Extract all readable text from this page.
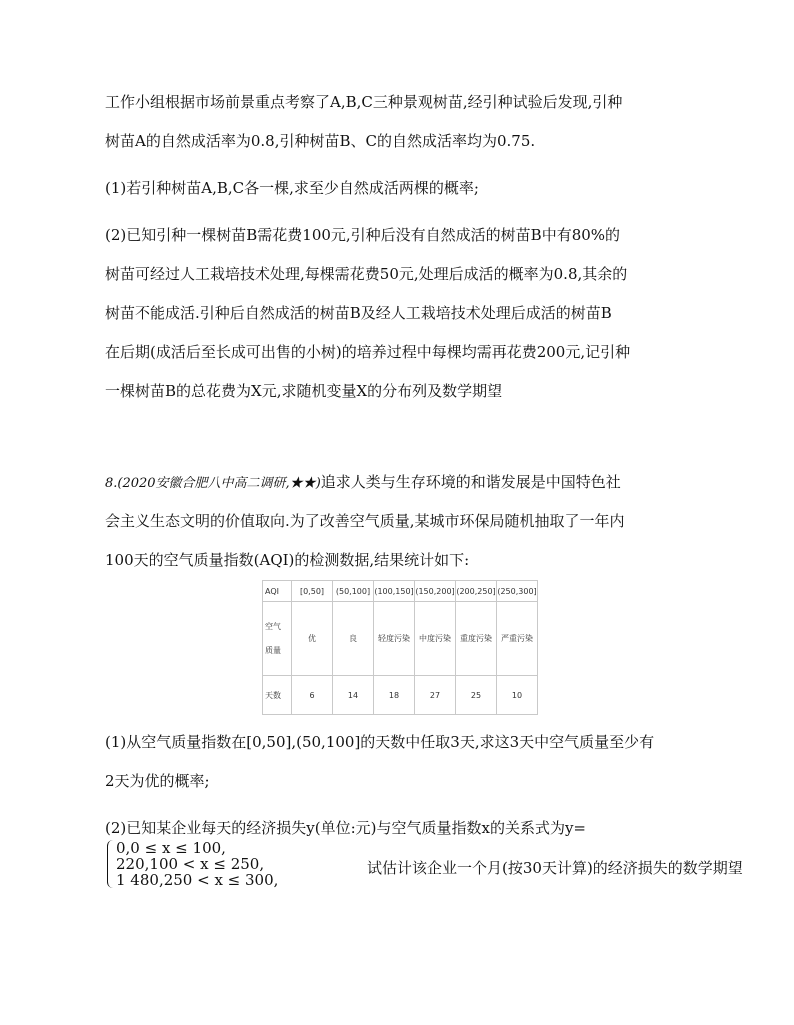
工作小组根据市场前景重点考察了A,B,C三种景观树苗,经引种试验后发现,引种
树苗A的自然成活率为0.8,引种树苗B、C的自然成活率均为0.75.
(1)若引种树苗A,B,C各一棵,求至少自然成活两棵的概率;
(2)已知引种一棵树苗B需花费100元,引种后没有自然成活的树苗B中有80%的
树苗可经过人工栽培技术处理,每棵需花费50元,处理后成活的概率为0.8,其余的
树苗不能成活.引种后自然成活的树苗B及经人工栽培技术处理后成活的树苗B
在后期(成活后至长成可出售的小树)的培养过程中每棵均需再花费200元,记引种
一棵树苗B的总花费为X元,求随机变量X的分布列及数学期望
8.(2020安徽合肥八中高二调研,★★)追求人类与生存环境的和谐发展是中国特色社
会主义生态文明的价值取向.为了改善空气质量,某城市环保局随机抽取了一年内
100天的空气质量指数(AQI)的检测数据,结果统计如下:
AQI	[0,50]	(50,100]	(100,150]	(150,200]	(200,250]	(250,300]
空气
质量	优	良	轻度污染	中度污染	重度污染	严重污染
天数	6	14	18	27	25	10
(1)从空气质量指数在[0,50],(50,100]的天数中任取3天,求这3天中空气质量至少有
2天为优的概率;
(2)已知某企业每天的经济损失y(单位:元)与空气质量指数x的关系式为y=
0,0 ≤ x ≤ 100,
220,100 < x ≤ 250,
1 480,250 < x ≤ 300,
试估计该企业一个月(按30天计算)的经济损失的数学期望
